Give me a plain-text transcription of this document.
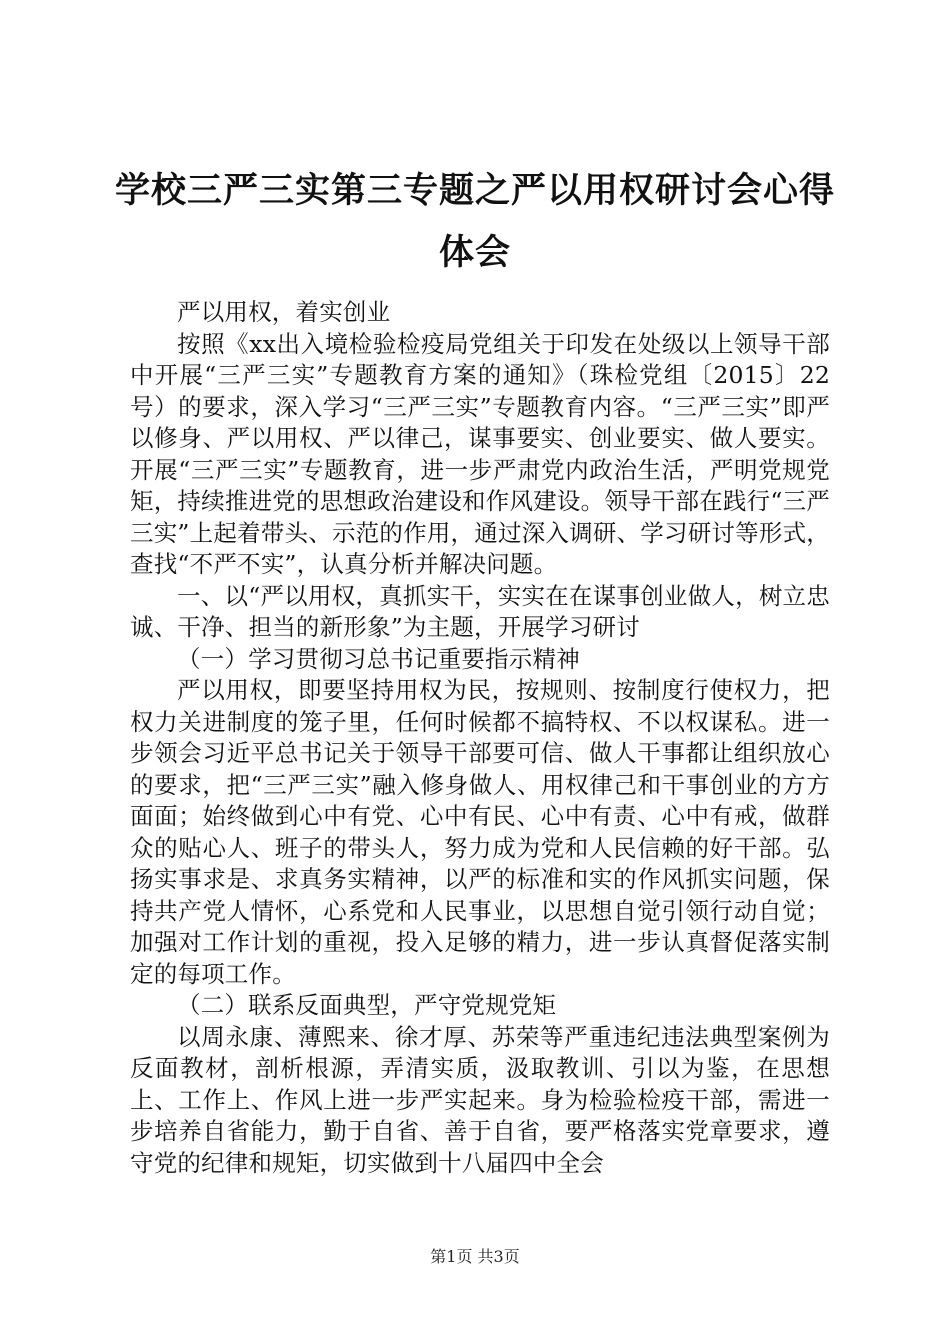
学校三严三实第三专题之严以用权研讨会心得体会

严以用权，着实创业

按照《xx出入境检验检疫局党组关于印发在处级以上领导干部中开展“三严三实”专题教育方案的通知》（珠检党组〔2015〕22号）的要求，深入学习“三严三实”专题教育内容。“三严三实”即严以修身、严以用权、严以律己，谋事要实、创业要实、做人要实。开展“三严三实”专题教育，进一步严肃党内政治生活，严明党规党矩，持续推进党的思想政治建设和作风建设。领导干部在践行“三严三实”上起着带头、示范的作用，通过深入调研、学习研讨等形式，查找“不严不实”，认真分析并解决问题。

一、以“严以用权，真抓实干，实实在在谋事创业做人，树立忠诚、干净、担当的新形象”为主题，开展学习研讨

（一）学习贯彻习总书记重要指示精神

严以用权，即要坚持用权为民，按规则、按制度行使权力，把权力关进制度的笼子里，任何时候都不搞特权、不以权谋私。进一步领会习近平总书记关于领导干部要可信、做人干事都让组织放心的要求，把“三严三实”融入修身做人、用权律己和干事创业的方方面面；始终做到心中有党、心中有民、心中有责、心中有戒，做群众的贴心人、班子的带头人，努力成为党和人民信赖的好干部。弘扬实事求是、求真务实精神，以严的标准和实的作风抓实问题，保持共产党人情怀，心系党和人民事业，以思想自觉引领行动自觉；加强对工作计划的重视，投入足够的精力，进一步认真督促落实制定的每项工作。

（二）联系反面典型，严守党规党矩

以周永康、薄熙来、徐才厚、苏荣等严重违纪违法典型案例为反面教材，剖析根源，弄清实质，汲取教训、引以为鉴，在思想上、工作上、作风上进一步严实起来。身为检验检疫干部，需进一步培养自省能力，勤于自省、善于自省，要严格落实党章要求，遵守党的纪律和规矩，切实做到十八届四中全会

第1页 共3页
